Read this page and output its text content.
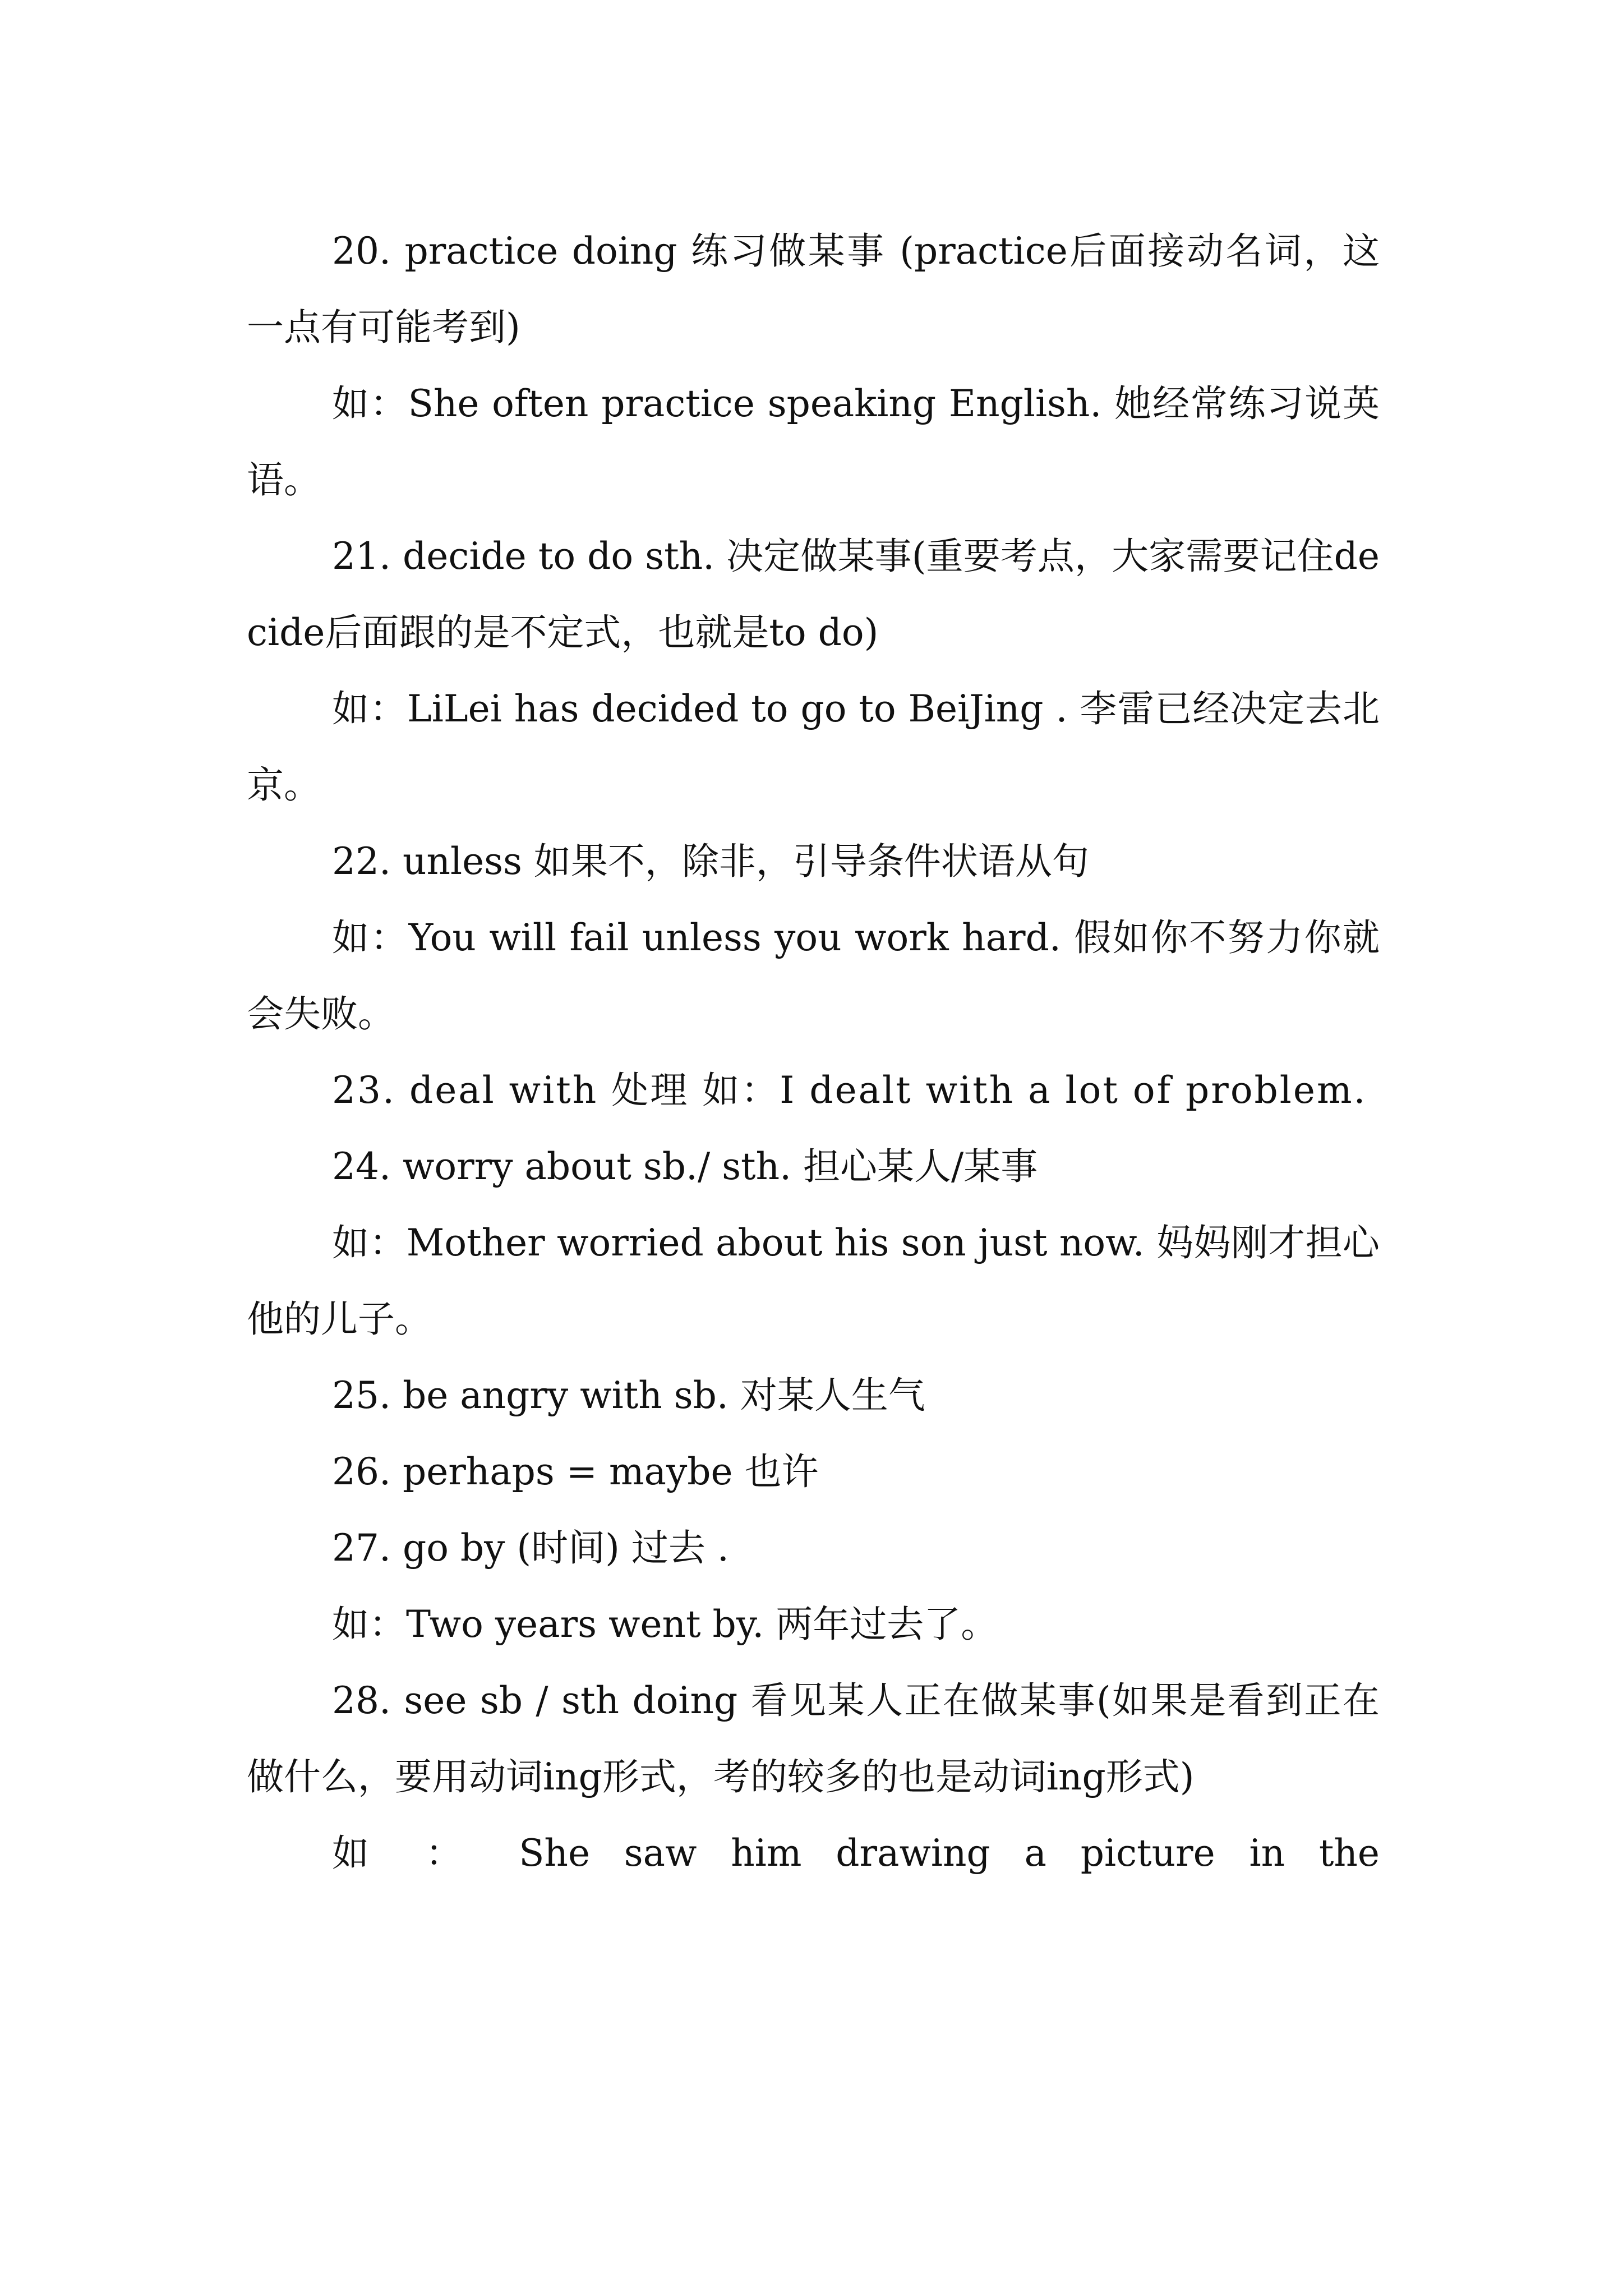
20. practice doing 练习做某事 (practice后面接动名词，这一点有可能考到)

如：She often practice speaking English. 她经常练习说英语。

21. decide to do sth. 决定做某事(重要考点，大家需要记住decide后面跟的是不定式，也就是to do)

如：LiLei has decided to go to BeiJing . 李雷已经决定去北京。

22. unless 如果不，除非，引导条件状语从句

如：You will fail unless you work hard. 假如你不努力你就会失败。

23. deal with 处理 如：I dealt with a lot of problem.

24. worry about sb./ sth. 担心某人/某事

如：Mother worried about his son just now. 妈妈刚才担心他的儿子。

25. be angry with sb. 对某人生气

26. perhaps = maybe 也许

27. go by (时间) 过去 .

如：Two years went by. 两年过去了。

28. see sb / sth doing 看见某人正在做某事(如果是看到正在做什么，要用动词ing形式，考的较多的也是动词ing形式)

如 ： She saw him drawing a picture in the
